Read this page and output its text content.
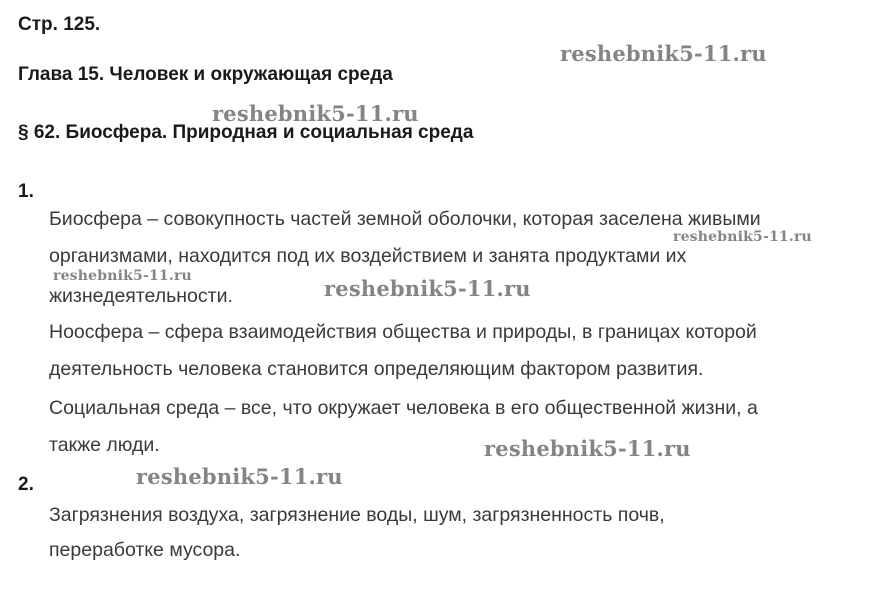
Стр. 125.
Глава 15. Человек и окружающая среда
§ 62. Биосфера. Природная и социальная среда
1.
Биосфера – совокупность частей земной оболочки, которая заселена живыми
организмами, находится под их воздействием и занята продуктами их
жизнедеятельности.
Ноосфера – сфера взаимодействия общества и природы, в границах которой
деятельность человека становится определяющим фактором развития.
Социальная среда – все, что окружает человека в его общественной жизни, а
также люди.
2.
Загрязнения воздуха, загрязнение воды, шум, загрязненность почв,
переработке мусора.
reshebnik5-11.ru
reshebnik5-11.ru
reshebnik5-11.ru
reshebnik5-11.ru	reshebnik5-11.ru
reshebnik5-11.ru
reshebnik5-11.ru
